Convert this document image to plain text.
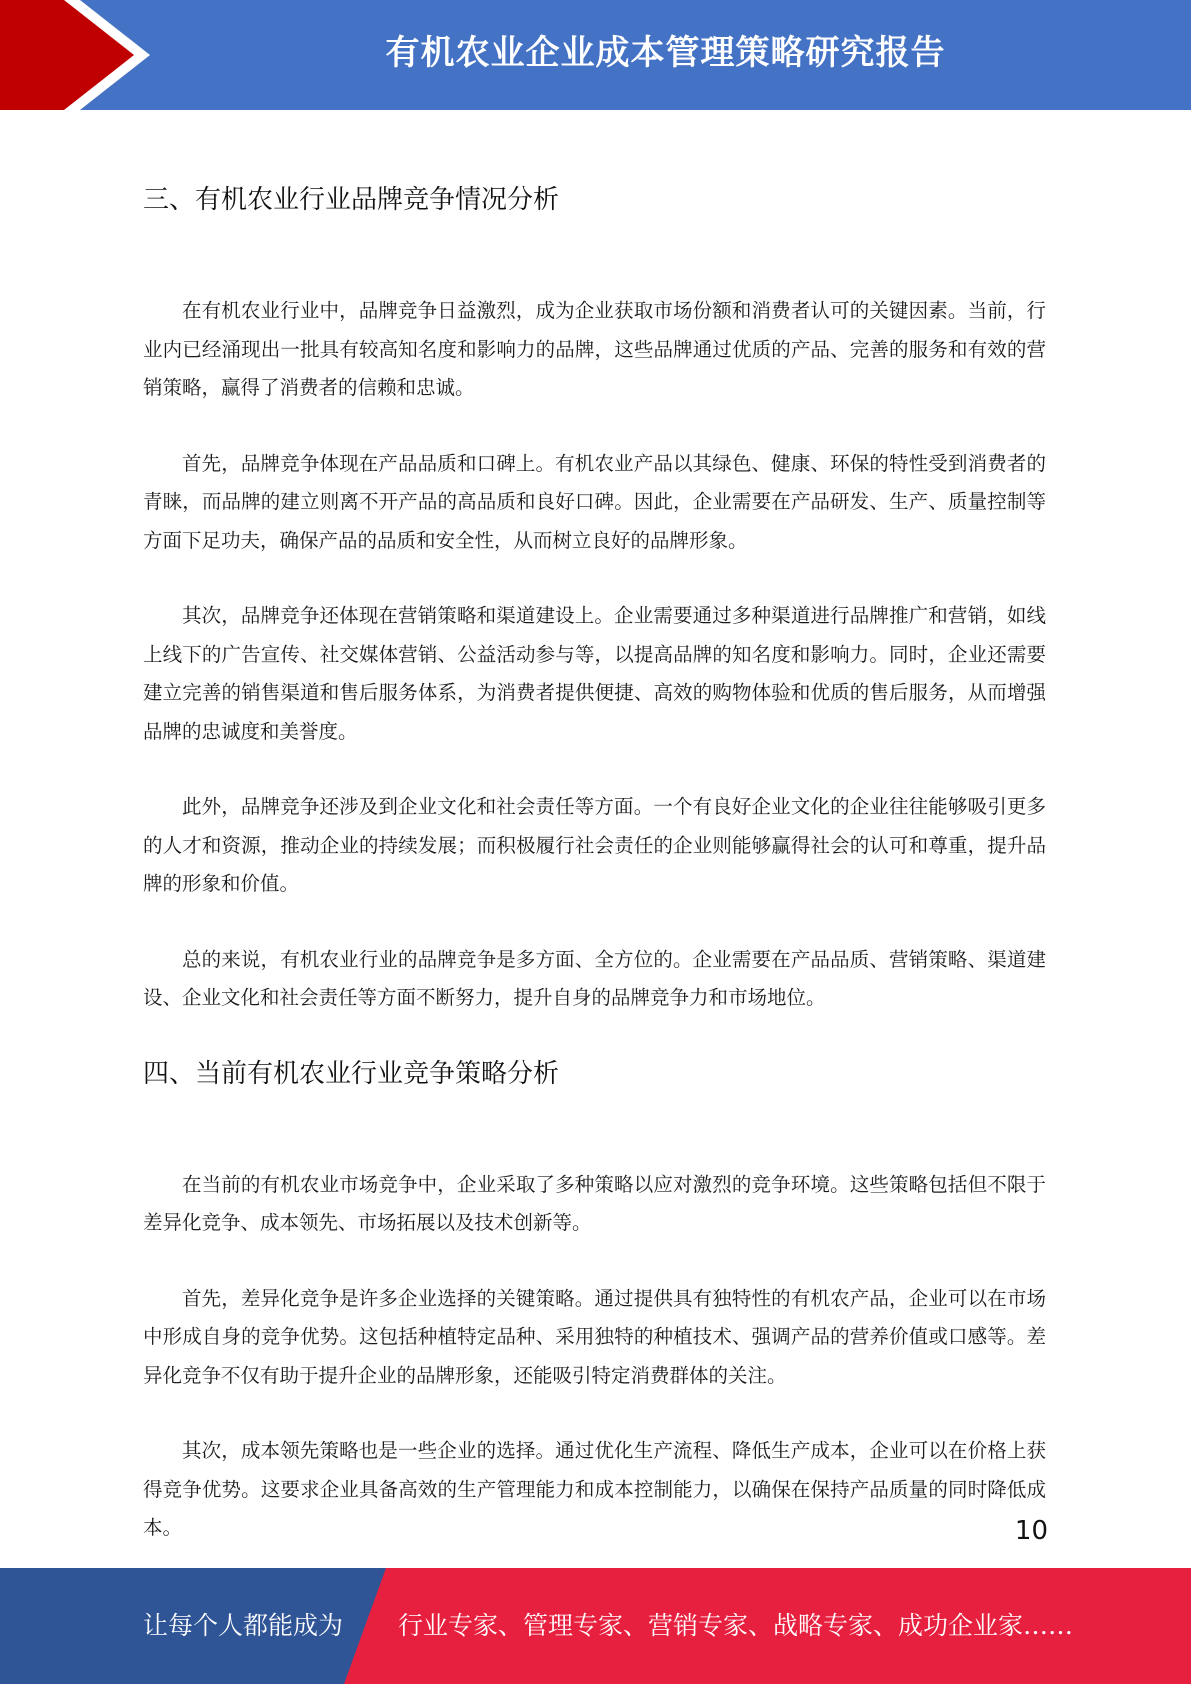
有机农业企业成本管理策略研究报告
三、有机农业行业品牌竞争情况分析

在有机农业行业中，品牌竞争日益激烈，成为企业获取市场份额和消费者认可的关键因素。当前，行业内已经涌现出一批具有较高知名度和影响力的品牌，这些品牌通过优质的产品、完善的服务和有效的营销策略，赢得了消费者的信赖和忠诚。

首先，品牌竞争体现在产品品质和口碑上。有机农业产品以其绿色、健康、环保的特性受到消费者的青睐，而品牌的建立则离不开产品的高品质和良好口碑。因此，企业需要在产品研发、生产、质量控制等方面下足功夫，确保产品的品质和安全性，从而树立良好的品牌形象。

其次，品牌竞争还体现在营销策略和渠道建设上。企业需要通过多种渠道进行品牌推广和营销，如线上线下的广告宣传、社交媒体营销、公益活动参与等，以提高品牌的知名度和影响力。同时，企业还需要建立完善的销售渠道和售后服务体系，为消费者提供便捷、高效的购物体验和优质的售后服务，从而增强品牌的忠诚度和美誉度。

此外，品牌竞争还涉及到企业文化和社会责任等方面。一个有良好企业文化的企业往往能够吸引更多的人才和资源，推动企业的持续发展；而积极履行社会责任的企业则能够赢得社会的认可和尊重，提升品牌的形象和价值。

总的来说，有机农业行业的品牌竞争是多方面、全方位的。企业需要在产品品质、营销策略、渠道建设、企业文化和社会责任等方面不断努力，提升自身的品牌竞争力和市场地位。

四、当前有机农业行业竞争策略分析

在当前的有机农业市场竞争中，企业采取了多种策略以应对激烈的竞争环境。这些策略包括但不限于差异化竞争、成本领先、市场拓展以及技术创新等。

首先，差异化竞争是许多企业选择的关键策略。通过提供具有独特性的有机农产品，企业可以在市场中形成自身的竞争优势。这包括种植特定品种、采用独特的种植技术、强调产品的营养价值或口感等。差异化竞争不仅有助于提升企业的品牌形象，还能吸引特定消费群体的关注。

其次，成本领先策略也是一些企业的选择。通过优化生产流程、降低生产成本，企业可以在价格上获得竞争优势。这要求企业具备高效的生产管理能力和成本控制能力，以确保在保持产品质量的同时降低成本。	10
让每个人都能成为 行业专家、管理专家、营销专家、战略专家、成功企业家……
